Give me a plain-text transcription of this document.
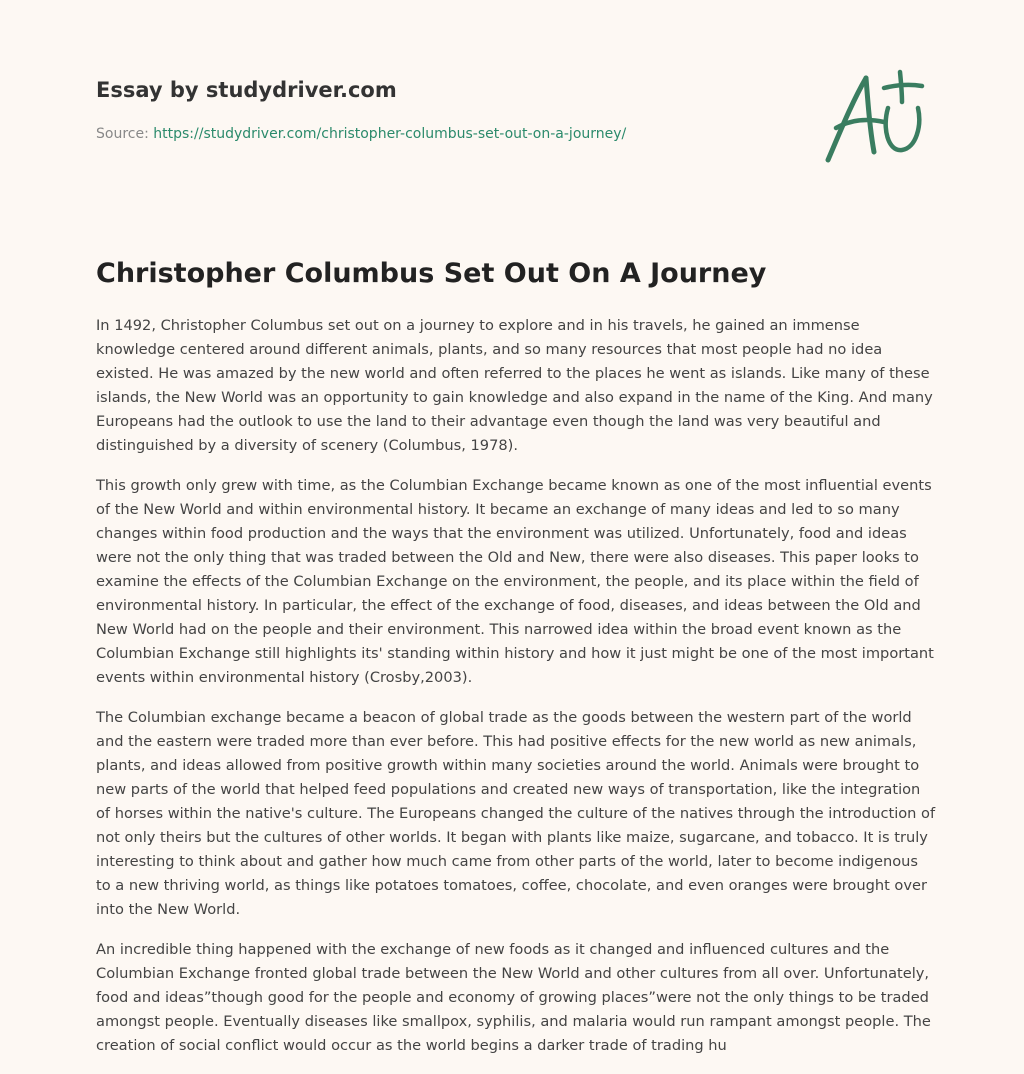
Essay by studydriver.com
Source: https://studydriver.com/christopher-columbus-set-out-on-a-journey/
Christopher Columbus Set Out On A Journey

In 1492, Christopher Columbus set out on a journey to explore and in his travels, he gained an immense knowledge centered around different animals, plants, and so many resources that most people had no idea existed. He was amazed by the new world and often referred to the places he went as islands. Like many of these islands, the New World was an opportunity to gain knowledge and also expand in the name of the King. And many Europeans had the outlook to use the land to their advantage even though the land was very beautiful and distinguished by a diversity of scenery (Columbus, 1978).

This growth only grew with time, as the Columbian Exchange became known as one of the most influential events of the New World and within environmental history. It became an exchange of many ideas and led to so many changes within food production and the ways that the environment was utilized. Unfortunately, food and ideas were not the only thing that was traded between the Old and New, there were also diseases. This paper looks to examine the effects of the Columbian Exchange on the environment, the people, and its place within the field of environmental history. In particular, the effect of the exchange of food, diseases, and ideas between the Old and New World had on the people and their environment. This narrowed idea within the broad event known as the Columbian Exchange still highlights its' standing within history and how it just might be one of the most important events within environmental history (Crosby,2003).

The Columbian exchange became a beacon of global trade as the goods between the western part of the world and the eastern were traded more than ever before. This had positive effects for the new world as new animals, plants, and ideas allowed from positive growth within many societies around the world. Animals were brought to new parts of the world that helped feed populations and created new ways of transportation, like the integration of horses within the native's culture. The Europeans changed the culture of the natives through the introduction of not only theirs but the cultures of other worlds. It began with plants like maize, sugarcane, and tobacco. It is truly interesting to think about and gather how much came from other parts of the world, later to become indigenous to a new thriving world, as things like potatoes tomatoes, coffee, chocolate, and even oranges were brought over into the New World.

An incredible thing happened with the exchange of new foods as it changed and influenced cultures and the Columbian Exchange fronted global trade between the New World and other cultures from all over. Unfortunately, food and ideas”though good for the people and economy of growing places”were not the only things to be traded amongst people. Eventually diseases like smallpox, syphilis, and malaria would run rampant amongst people. The creation of social conflict would occur as the world begins a darker trade of trading hu
